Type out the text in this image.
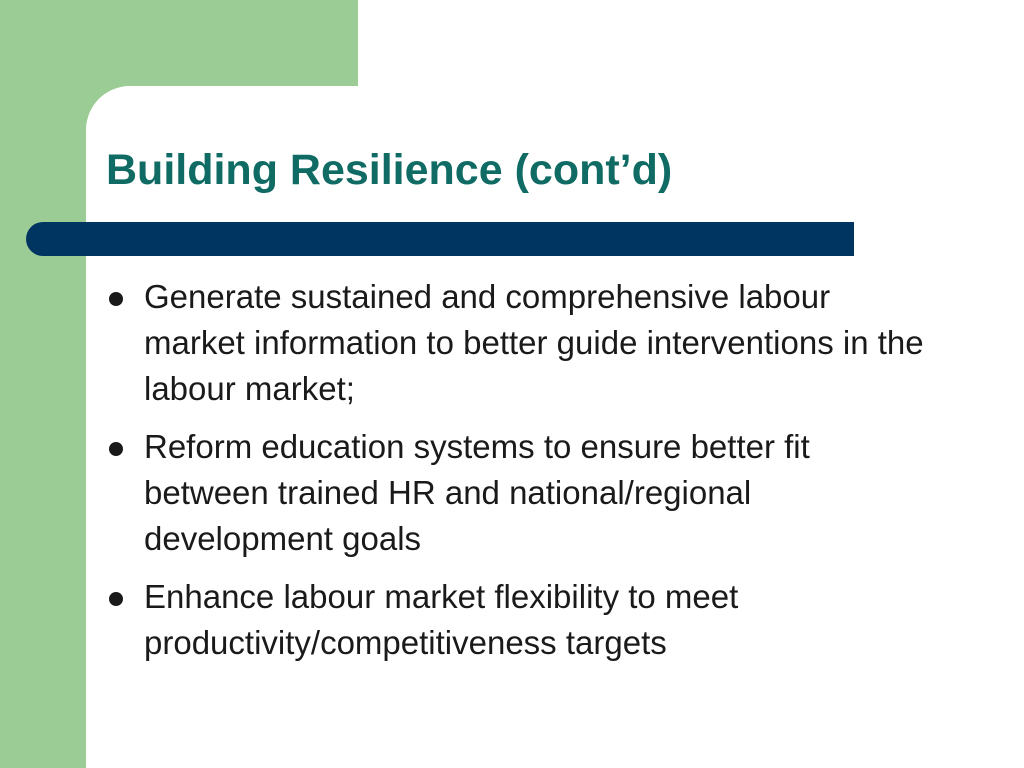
Building Resilience (cont’d)
Generate sustained and comprehensive labour market information to better guide interventions in the labour market;
Reform education systems to ensure better fit between trained HR and national/regional development goals
Enhance labour market flexibility to meet productivity/competitiveness targets
